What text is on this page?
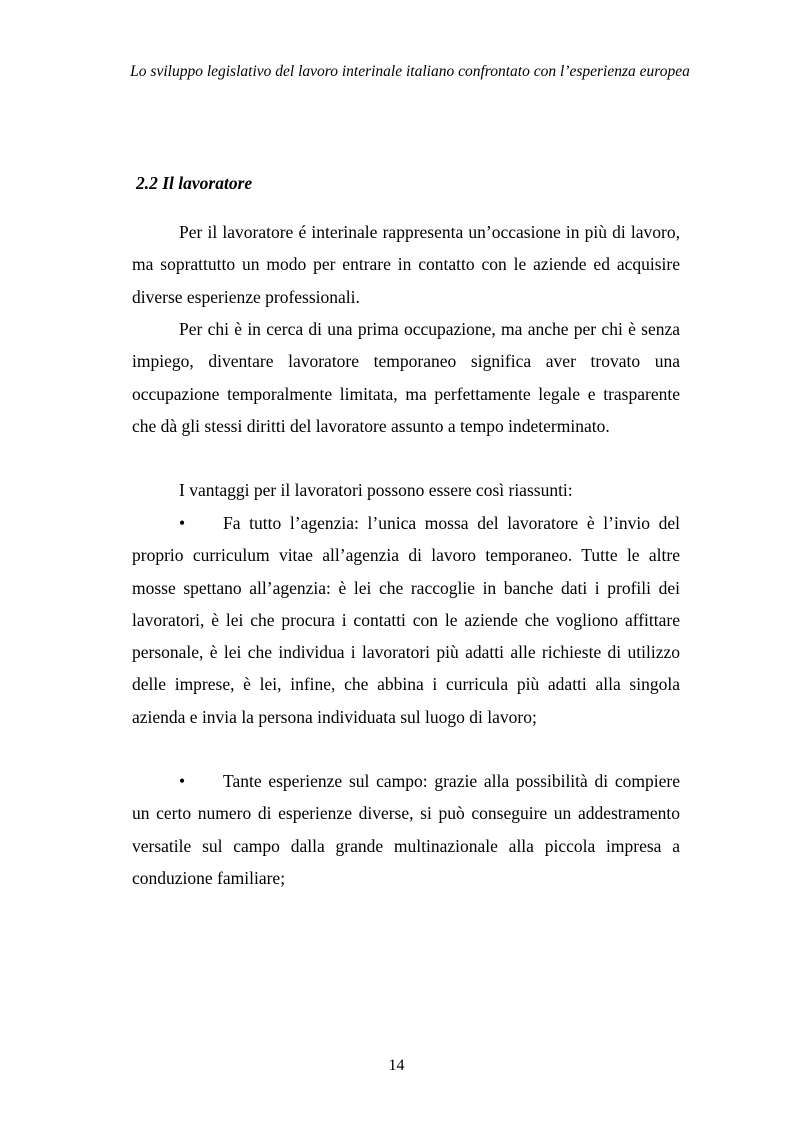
Lo sviluppo legislativo del lavoro interinale italiano confrontato con l’esperienza europea
2.2 Il lavoratore

Per il lavoratore é interinale rappresenta un’occasione in più di lavoro, ma soprattutto un modo per entrare in contatto con le aziende ed acquisire diverse esperienze professionali.

Per chi è in cerca di una prima occupazione, ma anche per chi è senza impiego, diventare lavoratore temporaneo significa aver trovato una occupazione temporalmente limitata, ma perfettamente legale e trasparente che dà gli stessi diritti del lavoratore assunto a tempo indeterminato.

I vantaggi per il lavoratori possono essere così riassunti:

• Fa tutto l’agenzia: l’unica mossa del lavoratore è l’invio del proprio curriculum vitae all’agenzia di lavoro temporaneo. Tutte le altre mosse spettano all’agenzia: è lei che raccoglie in banche dati i profili dei lavoratori, è lei che procura i contatti con le aziende che vogliono affittare personale, è lei che individua i lavoratori più adatti alle richieste di utilizzo delle imprese, è lei, infine, che abbina i curricula più adatti alla singola azienda e invia la persona individuata sul luogo di lavoro;
• Tante esperienze sul campo: grazie alla possibilità di compiere un certo numero di esperienze diverse, si può conseguire un addestramento versatile sul campo dalla grande multinazionale alla piccola impresa a conduzione familiare;
14
